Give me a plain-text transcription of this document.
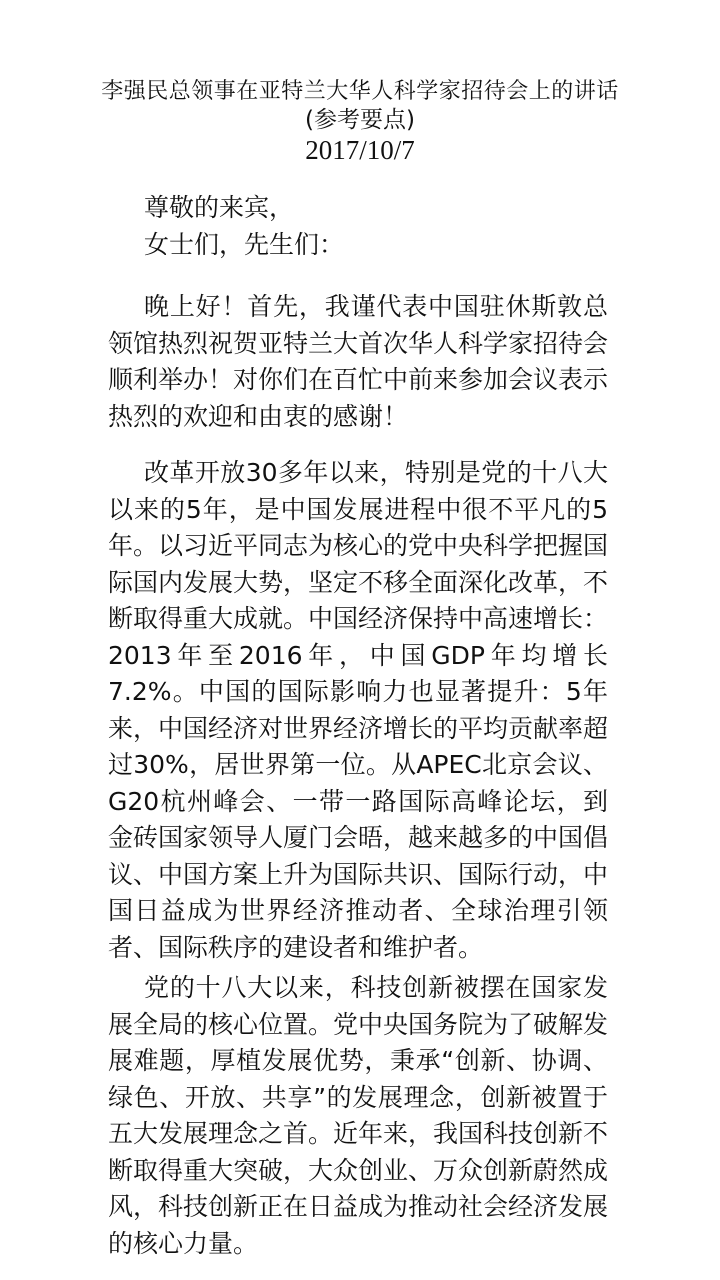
李强民总领事在亚特兰大华人科学家招待会上的讲话
(参考要点)
2017/10/7
尊敬的来宾，
女士们，先生们：

晚上好！首先，我谨代表中国驻休斯敦总领馆热烈祝贺亚特兰大首次华人科学家招待会顺利举办！对你们在百忙中前来参加会议表示热烈的欢迎和由衷的感谢！

改革开放30多年以来，特别是党的十八大以来的5年，是中国发展进程中很不平凡的5年。以习近平同志为核心的党中央科学把握国际国内发展大势，坚定不移全面深化改革，不断取得重大成就。中国经济保持中高速增长：2013年至2016年，中国GDP年均增长7.2%。中国的国际影响力也显著提升：5年来，中国经济对世界经济增长的平均贡献率超过30%，居世界第一位。从APEC北京会议、G20杭州峰会、一带一路国际高峰论坛，到金砖国家领导人厦门会晤，越来越多的中国倡议、中国方案上升为国际共识、国际行动，中国日益成为世界经济推动者、全球治理引领者、国际秩序的建设者和维护者。

党的十八大以来，科技创新被摆在国家发展全局的核心位置。党中央国务院为了破解发展难题，厚植发展优势，秉承“创新、协调、绿色、开放、共享”的发展理念，创新被置于五大发展理念之首。近年来，我国科技创新不断取得重大突破，大众创业、万众创新蔚然成风，科技创新正在日益成为推动社会经济发展的核心力量。
